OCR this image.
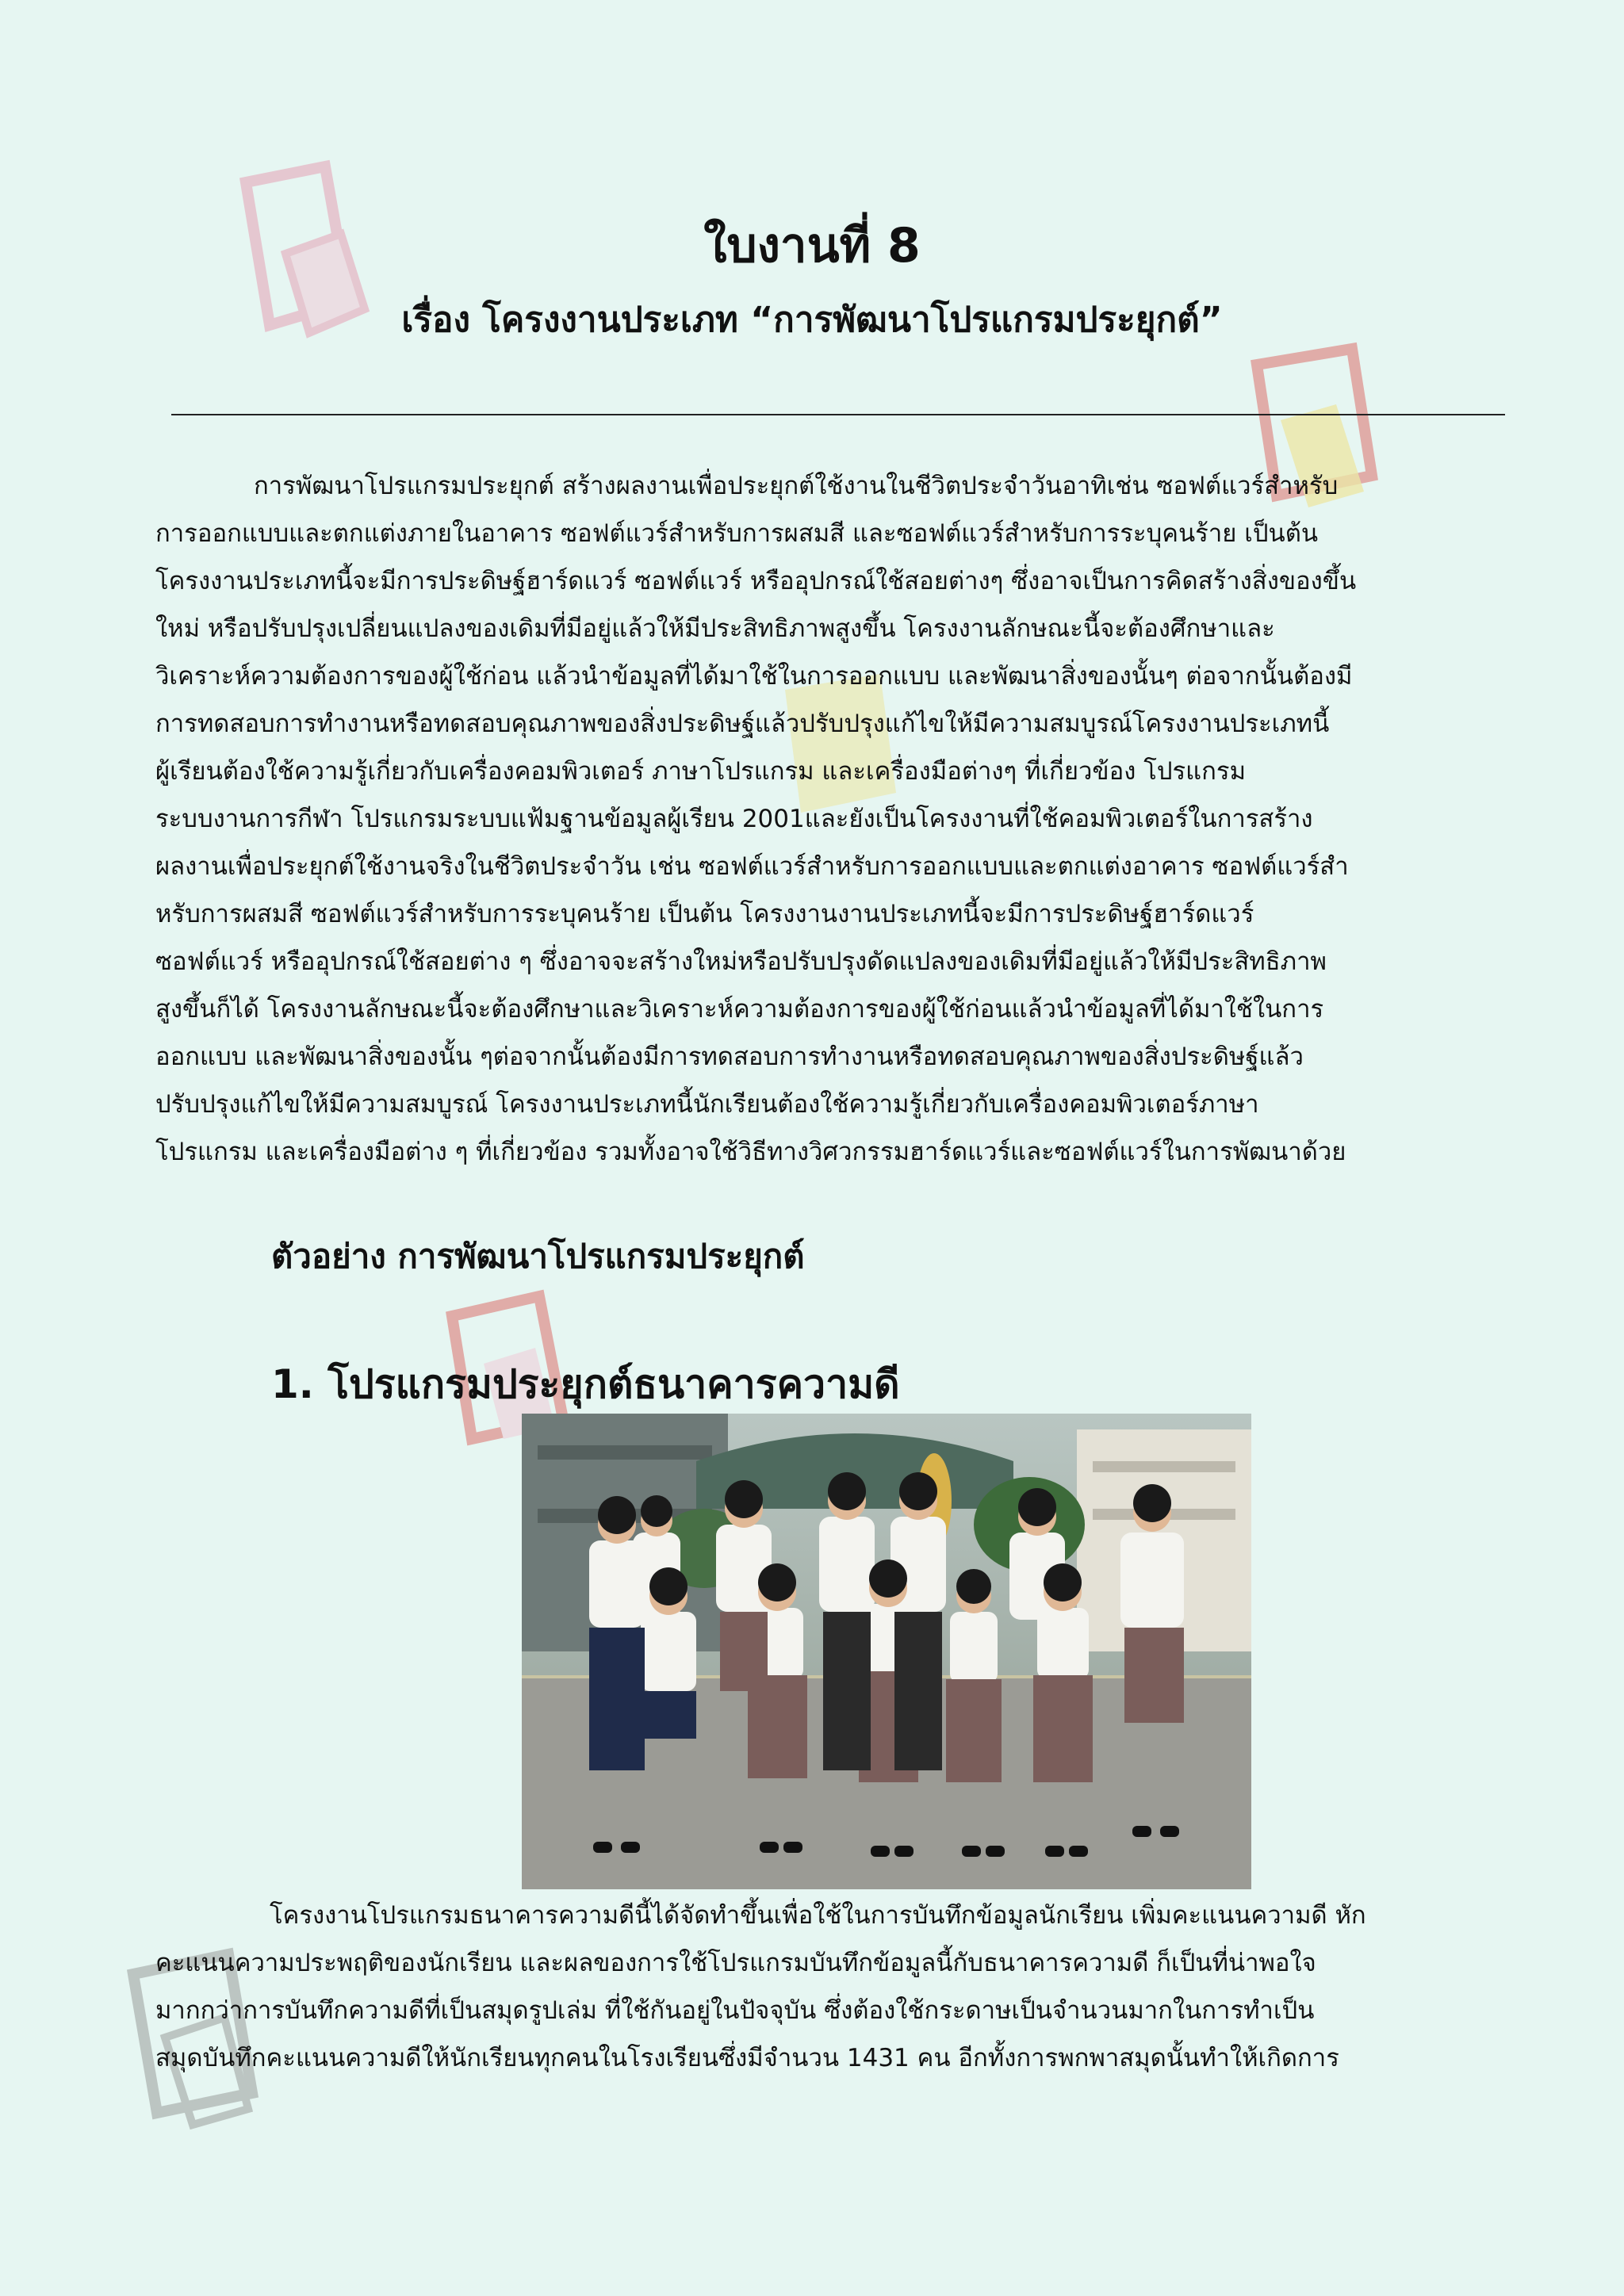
ใบงานที่ 8
เรื่อง โครงงานประเภท “การพัฒนาโปรแกรมประยุกต์”

การพัฒนาโปรแกรมประยุกต์ สร้างผลงานเพื่อประยุกต์ใช้งานในชีวิตประจำวันอาทิเช่น ซอฟต์แวร์สำหรับ
การออกแบบและตกแต่งภายในอาคาร ซอฟต์แวร์สำหรับการผสมสี และซอฟต์แวร์สำหรับการระบุคนร้าย เป็นต้น
โครงงานประเภทนี้จะมีการประดิษฐ์ฮาร์ดแวร์ ซอฟต์แวร์ หรืออุปกรณ์ใช้สอยต่างๆ ซึ่งอาจเป็นการคิดสร้างสิ่งของขึ้น
ใหม่ หรือปรับปรุงเปลี่ยนแปลงของเดิมที่มีอยู่แล้วให้มีประสิทธิภาพสูงขึ้น โครงงานลักษณะนี้จะต้องศึกษาและ
วิเคราะห์ความต้องการของผู้ใช้ก่อน แล้วนำข้อมูลที่ได้มาใช้ในการออกแบบ และพัฒนาสิ่งของนั้นๆ ต่อจากนั้นต้องมี
การทดสอบการทำงานหรือทดสอบคุณภาพของสิ่งประดิษฐ์แล้วปรับปรุงแก้ไขให้มีความสมบูรณ์โครงงานประเภทนี้
ผู้เรียนต้องใช้ความรู้เกี่ยวกับเครื่องคอมพิวเตอร์ ภาษาโปรแกรม และเครื่องมือต่างๆ ที่เกี่ยวข้อง โปรแกรม
ระบบงานการกีฬา โปรแกรมระบบแฟ้มฐานข้อมูลผู้เรียน 2001และยังเป็นโครงงานที่ใช้คอมพิวเตอร์ในการสร้าง
ผลงานเพื่อประยุกต์ใช้งานจริงในชีวิตประจำวัน เช่น ซอฟต์แวร์สำหรับการออกแบบและตกแต่งอาคาร ซอฟต์แวร์สำ
หรับการผสมสี ซอฟต์แวร์สำหรับการระบุคนร้าย เป็นต้น โครงงานงานประเภทนี้จะมีการประดิษฐ์ฮาร์ดแวร์
ซอฟต์แวร์ หรืออุปกรณ์ใช้สอยต่าง ๆ ซึ่งอาจจะสร้างใหม่หรือปรับปรุงดัดแปลงของเดิมที่มีอยู่แล้วให้มีประสิทธิภาพ
สูงขึ้นก็ได้ โครงงานลักษณะนี้จะต้องศึกษาและวิเคราะห์ความต้องการของผู้ใช้ก่อนแล้วนำข้อมูลที่ได้มาใช้ในการ
ออกแบบ และพัฒนาสิ่งของนั้น ๆต่อจากนั้นต้องมีการทดสอบการทำงานหรือทดสอบคุณภาพของสิ่งประดิษฐ์แล้ว
ปรับปรุงแก้ไขให้มีความสมบูรณ์ โครงงานประเภทนี้นักเรียนต้องใช้ความรู้เกี่ยวกับเครื่องคอมพิวเตอร์ภาษา
โปรแกรม และเครื่องมือต่าง ๆ ที่เกี่ยวข้อง รวมทั้งอาจใช้วิธีทางวิศวกรรมฮาร์ดแวร์และซอฟต์แวร์ในการพัฒนาด้วย

ตัวอย่าง การพัฒนาโปรแกรมประยุกต์
1. โปรแกรมประยุกต์ธนาคารความดี

โครงงานโปรแกรมธนาคารความดีนี้ได้จัดทำขึ้นเพื่อใช้ในการบันทึกข้อมูลนักเรียน เพิ่มคะแนนความดี หัก
คะแนนความประพฤติของนักเรียน และผลของการใช้โปรแกรมบันทึกข้อมูลนี้กับธนาคารความดี ก็เป็นที่น่าพอใจ
มากกว่าการบันทึกความดีที่เป็นสมุดรูปเล่ม ที่ใช้กันอยู่ในปัจจุบัน ซึ่งต้องใช้กระดาษเป็นจำนวนมากในการทำเป็น
สมุดบันทึกคะแนนความดีให้นักเรียนทุกคนในโรงเรียนซึ่งมีจำนวน 1431 คน อีกทั้งการพกพาสมุดนั้นทำให้เกิดการ
